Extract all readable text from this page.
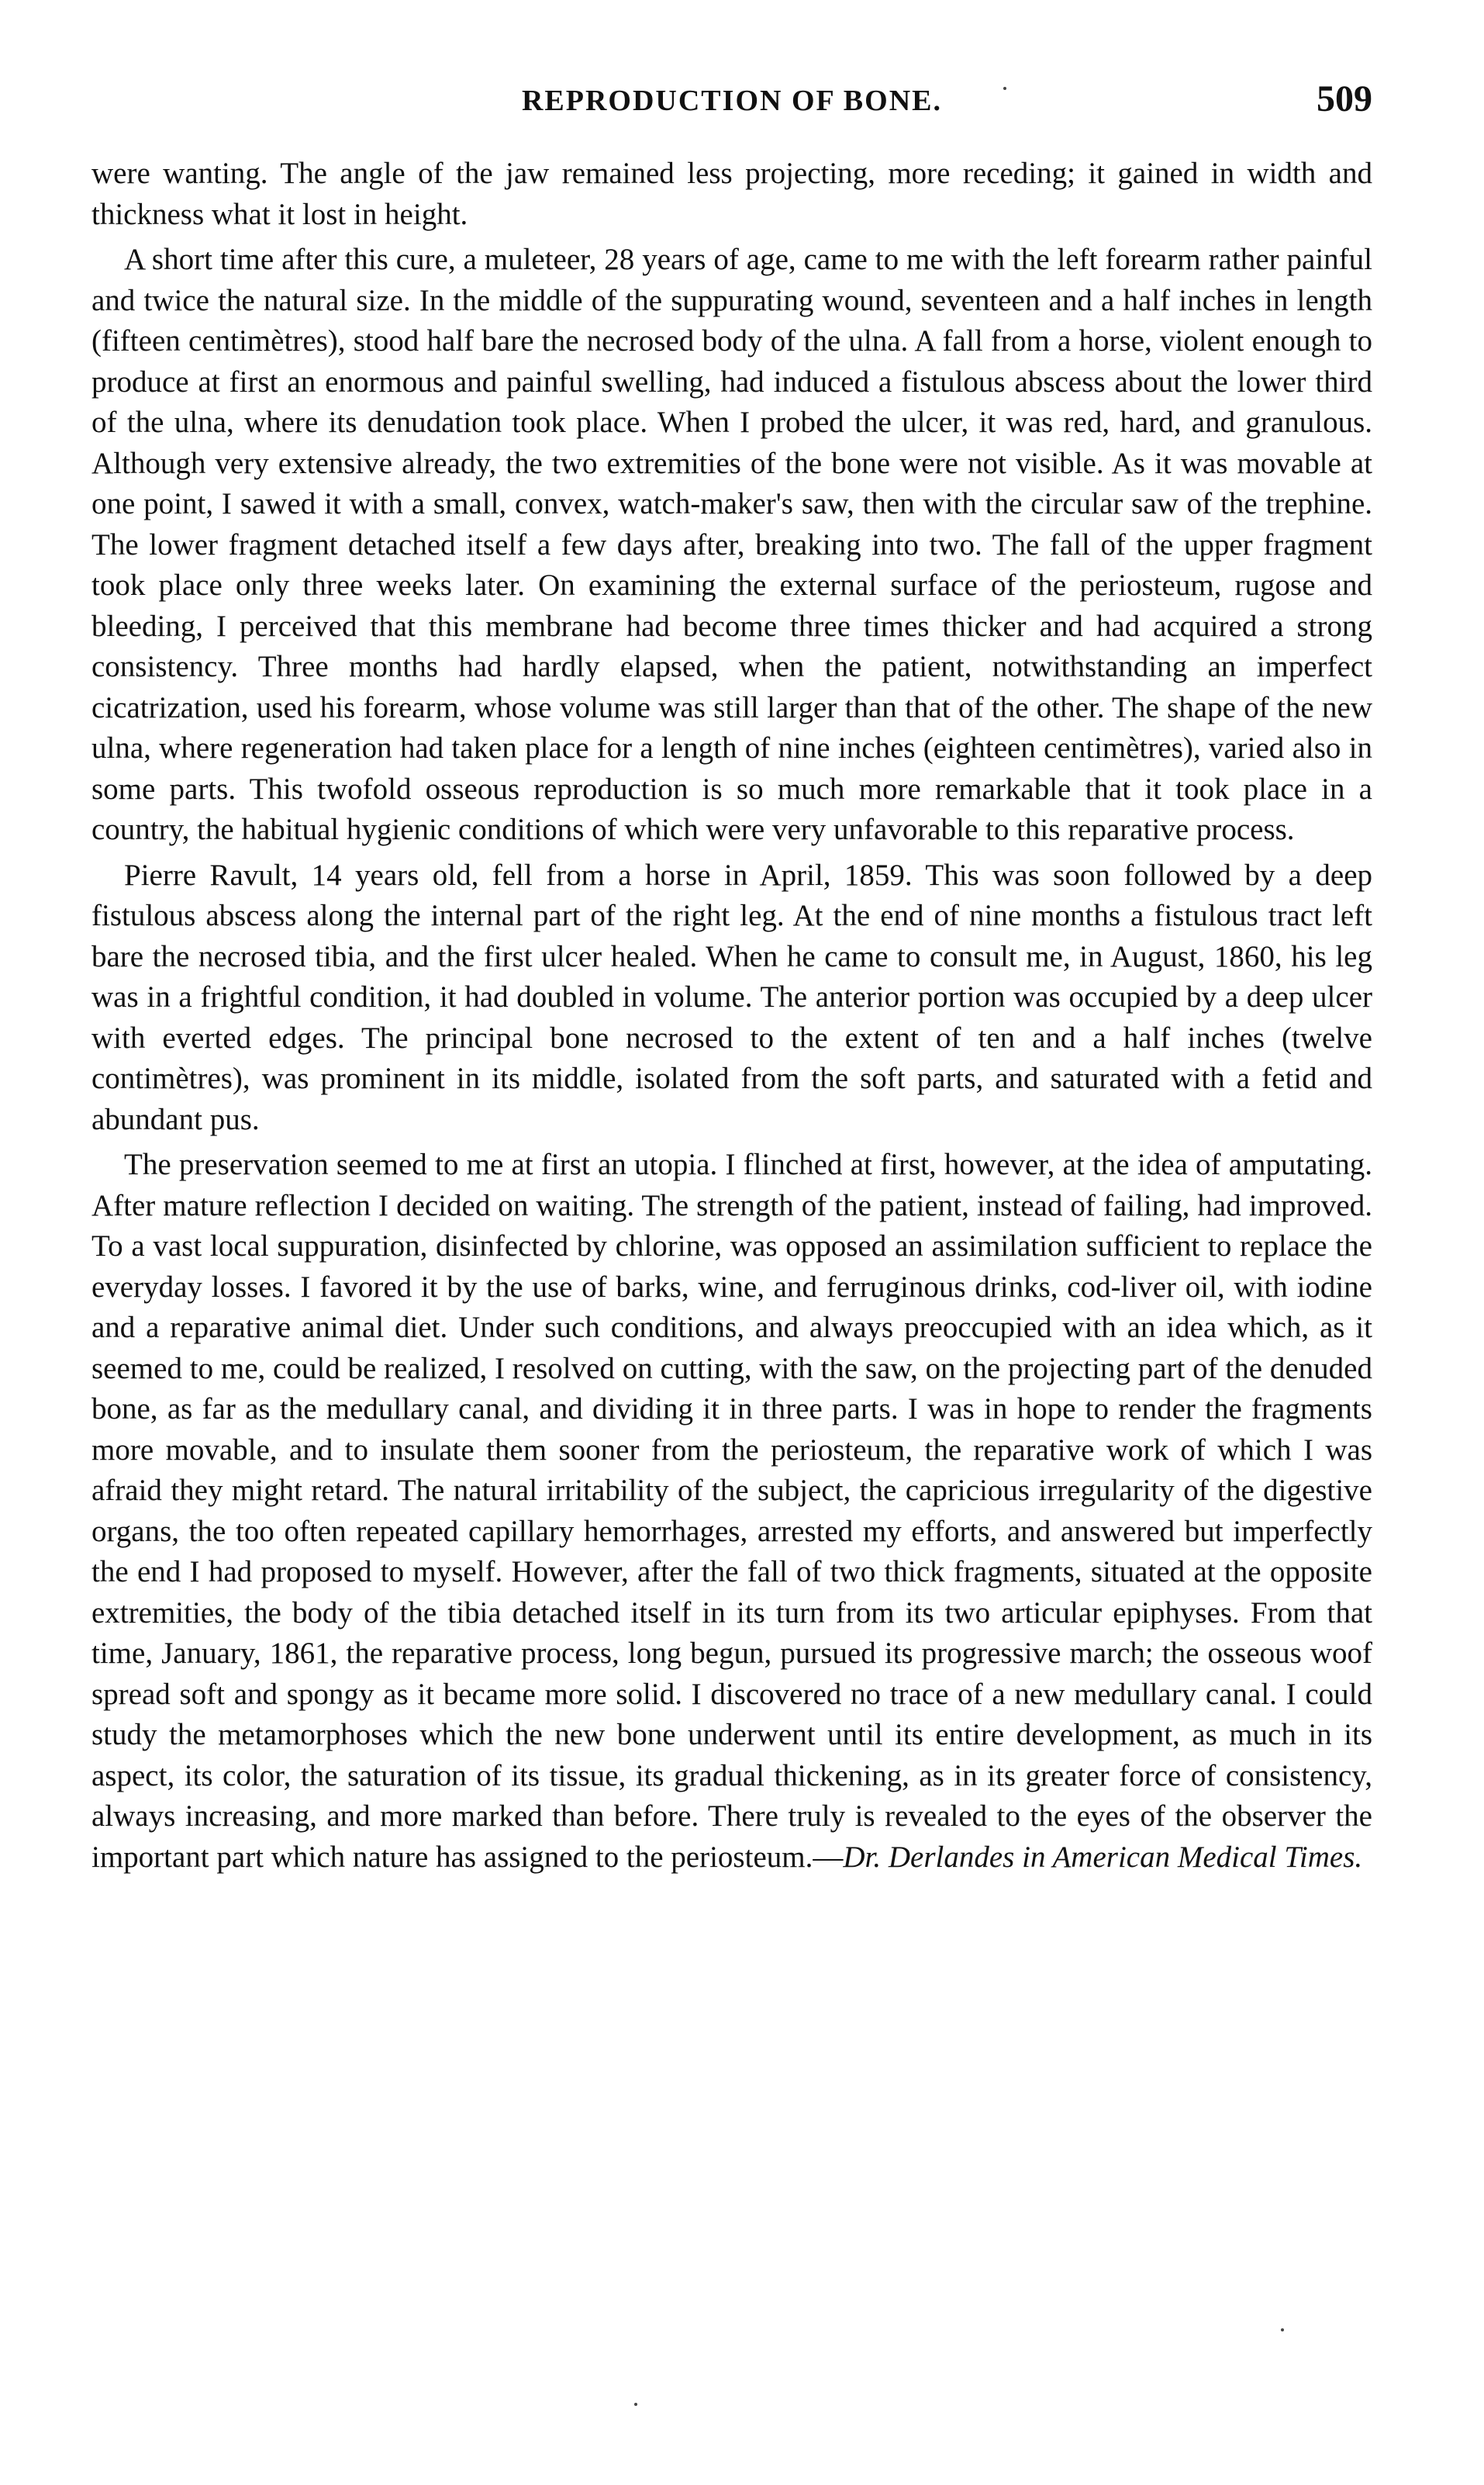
REPRODUCTION OF BONE.	509

were wanting. The angle of the jaw remained less projecting, more receding; it gained in width and thickness what it lost in height.

A short time after this cure, a muleteer, 28 years of age, came to me with the left forearm rather painful and twice the natural size. In the middle of the suppurating wound, seventeen and a half inches in length (fifteen centimètres), stood half bare the necrosed body of the ulna. A fall from a horse, violent enough to produce at first an enormous and painful swelling, had induced a fistulous abscess about the lower third of the ulna, where its denudation took place. When I probed the ulcer, it was red, hard, and granulous. Although very extensive already, the two extremities of the bone were not visible. As it was movable at one point, I sawed it with a small, convex, watch-maker's saw, then with the circular saw of the trephine. The lower fragment detached itself a few days after, breaking into two. The fall of the upper fragment took place only three weeks later. On examining the external surface of the periosteum, rugose and bleeding, I perceived that this membrane had become three times thicker and had acquired a strong consistency. Three months had hardly elapsed, when the patient, notwithstanding an imperfect cicatrization, used his forearm, whose volume was still larger than that of the other. The shape of the new ulna, where regeneration had taken place for a length of nine inches (eighteen centimètres), varied also in some parts. This twofold osseous reproduction is so much more remarkable that it took place in a country, the habitual hygienic conditions of which were very unfavorable to this reparative process.

Pierre Ravult, 14 years old, fell from a horse in April, 1859. This was soon followed by a deep fistulous abscess along the internal part of the right leg. At the end of nine months a fistulous tract left bare the necrosed tibia, and the first ulcer healed. When he came to consult me, in August, 1860, his leg was in a frightful condition, it had doubled in volume. The anterior portion was occupied by a deep ulcer with everted edges. The principal bone necrosed to the extent of ten and a half inches (twelve contimètres), was prominent in its middle, isolated from the soft parts, and saturated with a fetid and abundant pus.

The preservation seemed to me at first an utopia. I flinched at first, however, at the idea of amputating. After mature reflection I decided on waiting. The strength of the patient, instead of failing, had improved. To a vast local suppuration, disinfected by chlorine, was opposed an assimilation sufficient to replace the everyday losses. I favored it by the use of barks, wine, and ferruginous drinks, cod-liver oil, with iodine and a reparative animal diet. Under such conditions, and always preoccupied with an idea which, as it seemed to me, could be realized, I resolved on cutting, with the saw, on the projecting part of the denuded bone, as far as the medullary canal, and dividing it in three parts. I was in hope to render the fragments more movable, and to insulate them sooner from the periosteum, the reparative work of which I was afraid they might retard. The natural irritability of the subject, the capricious irregularity of the digestive organs, the too often repeated capillary hemorrhages, arrested my efforts, and answered but imperfectly the end I had proposed to myself. However, after the fall of two thick fragments, situated at the opposite extremities, the body of the tibia detached itself in its turn from its two articular epiphyses. From that time, January, 1861, the reparative process, long begun, pursued its progressive march; the osseous woof spread soft and spongy as it became more solid. I discovered no trace of a new medullary canal. I could study the metamorphoses which the new bone underwent until its entire development, as much in its aspect, its color, the saturation of its tissue, its gradual thickening, as in its greater force of consistency, always increasing, and more marked than before. There truly is revealed to the eyes of the observer the important part which nature has assigned to the periosteum.—Dr. Derlandes in American Medical Times.
